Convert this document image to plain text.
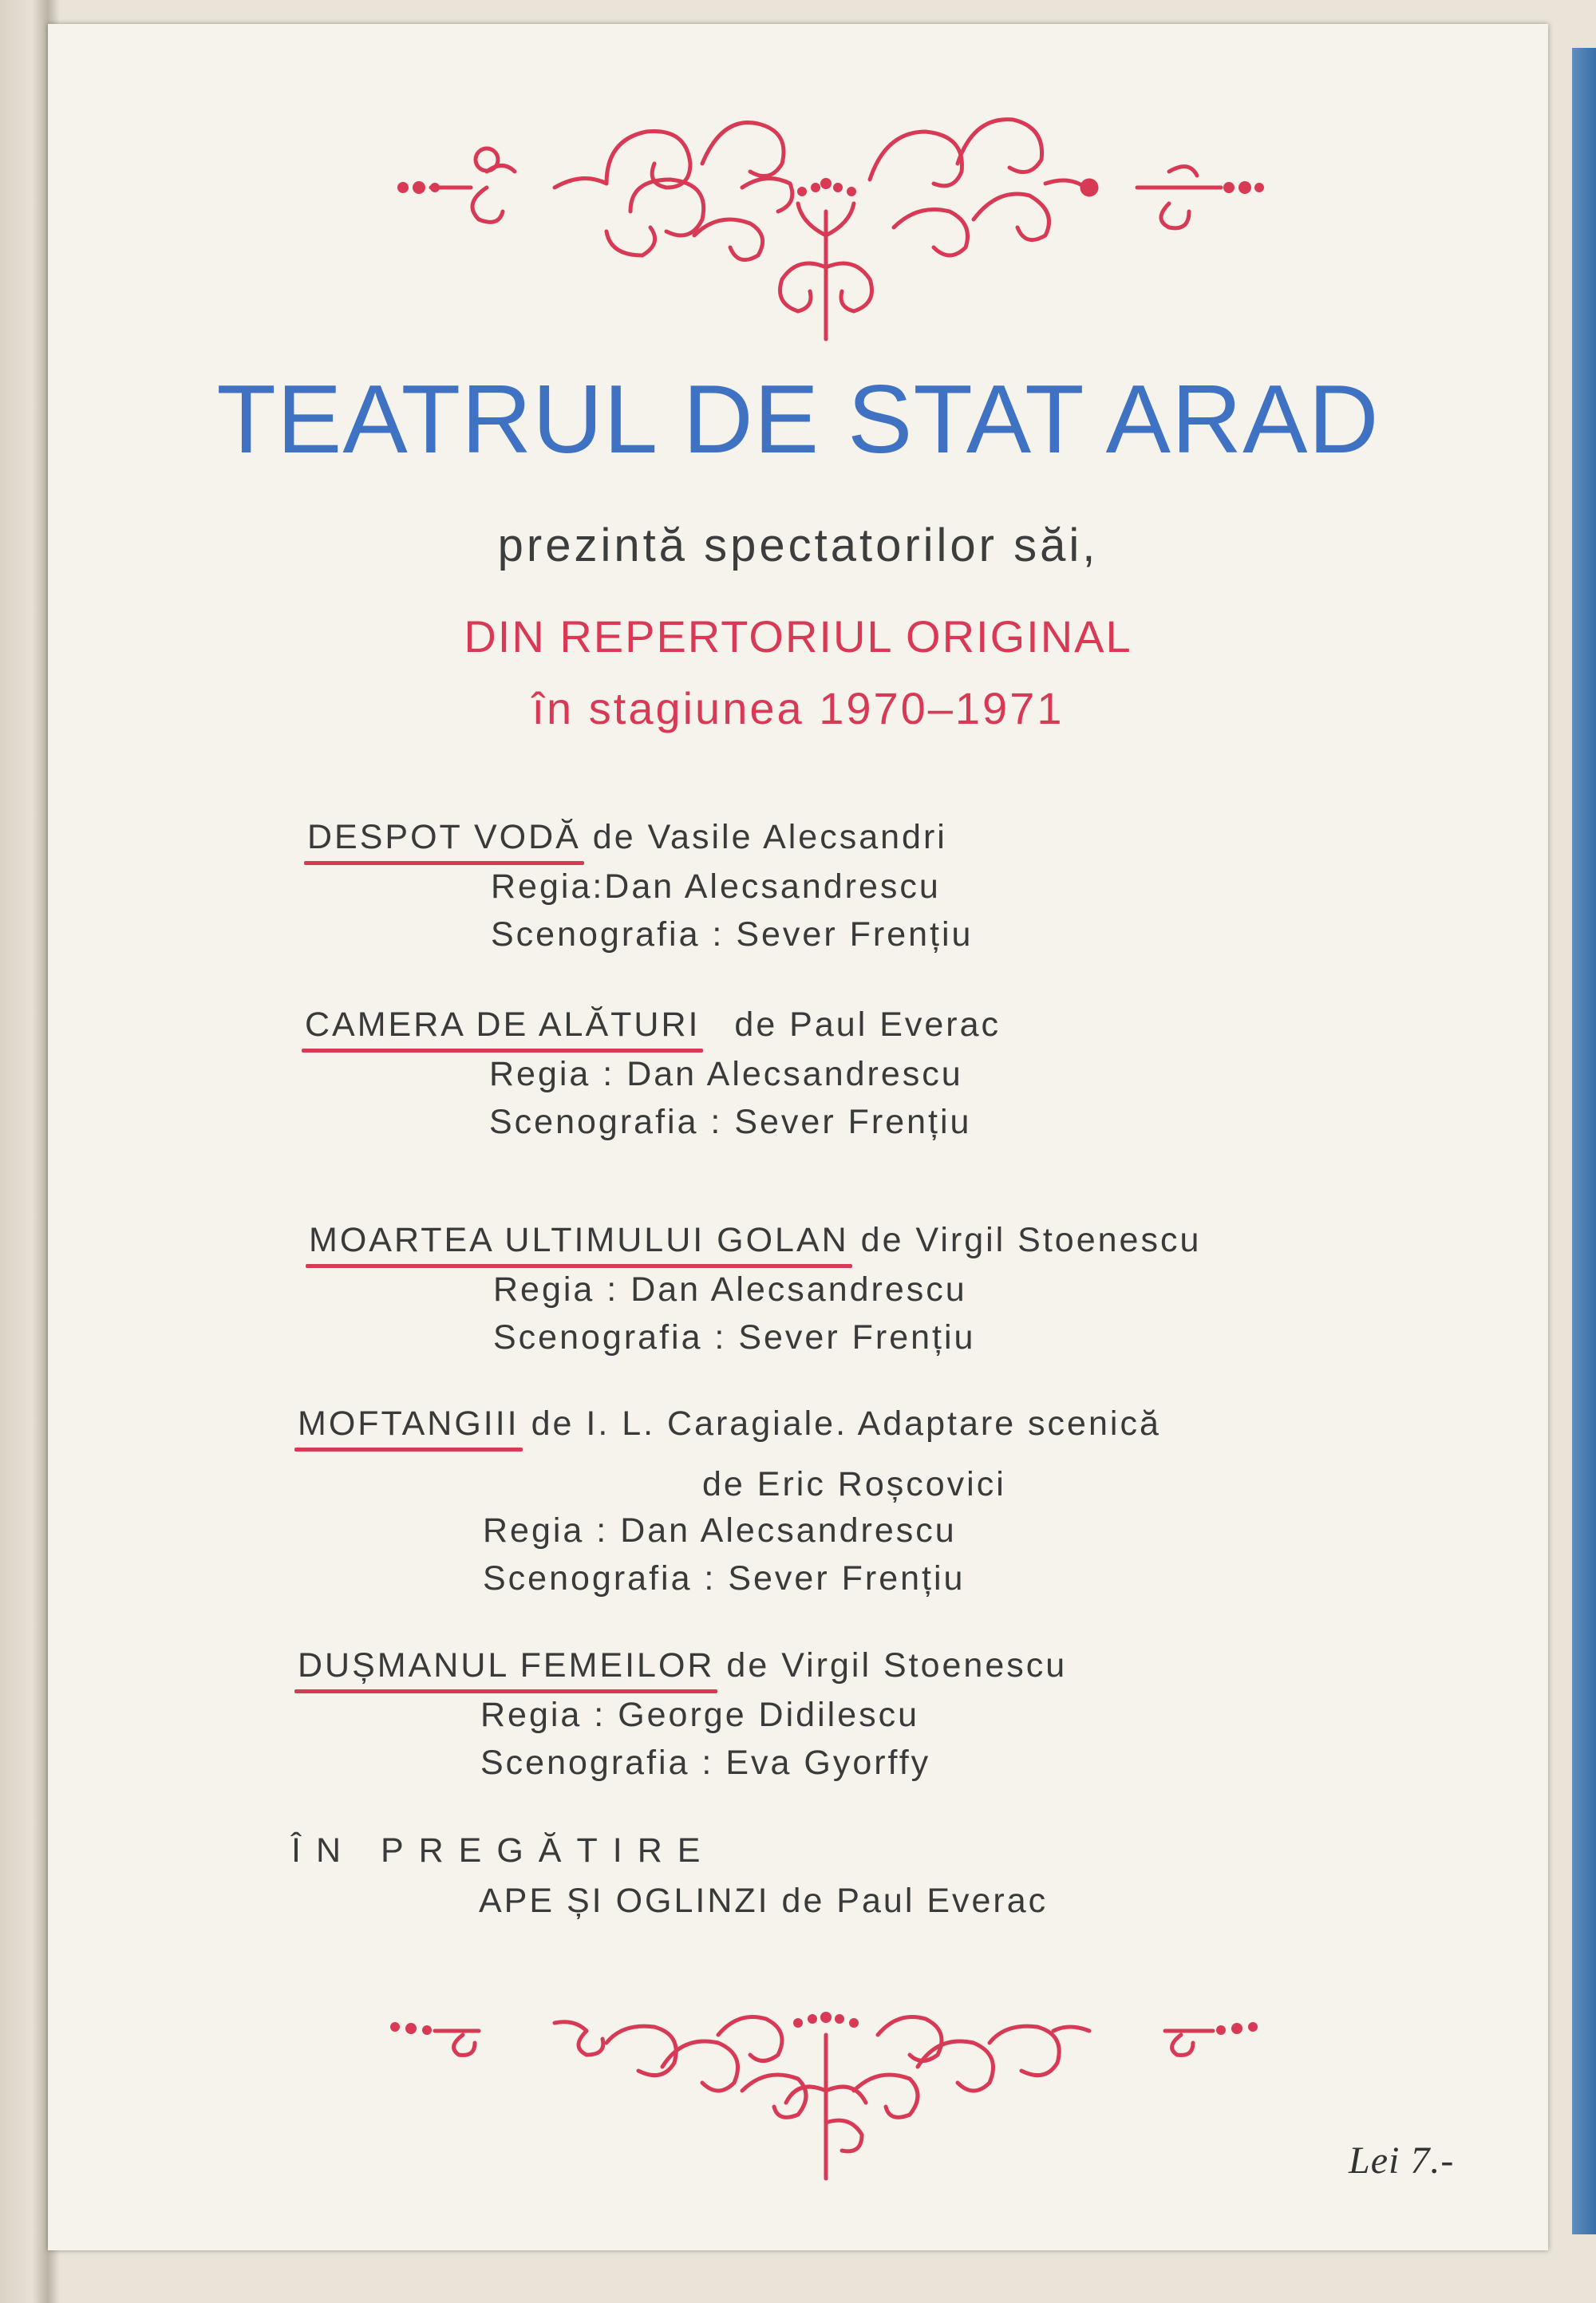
TEATRUL DE STAT ARAD
prezintă spectatorilor săi,
DIN REPERTORIUL ORIGINAL
în stagiunea 1970–1971
DESPOT VODĂ de Vasile Alecsandri
Regia:Dan Alecsandrescu
Scenografia : Sever Frențiu
CAMERA DE ALĂTURI de Paul Everac
Regia : Dan Alecsandrescu
Scenografia : Sever Frențiu
MOARTEA ULTIMULUI GOLAN de Virgil Stoenescu
Regia : Dan Alecsandrescu
Scenografia : Sever Frențiu
MOFTANGIII de I. L. Caragiale. Adaptare scenică
de Eric Roșcovici
Regia : Dan Alecsandrescu
Scenografia : Sever Frențiu
DUȘMANUL FEMEILOR de Virgil Stoenescu
Regia : George Didilescu
Scenografia : Eva Gyorffy
ÎN PREGĂTIRE
APE ȘI OGLINZI de Paul Everac
Lei 7.-
